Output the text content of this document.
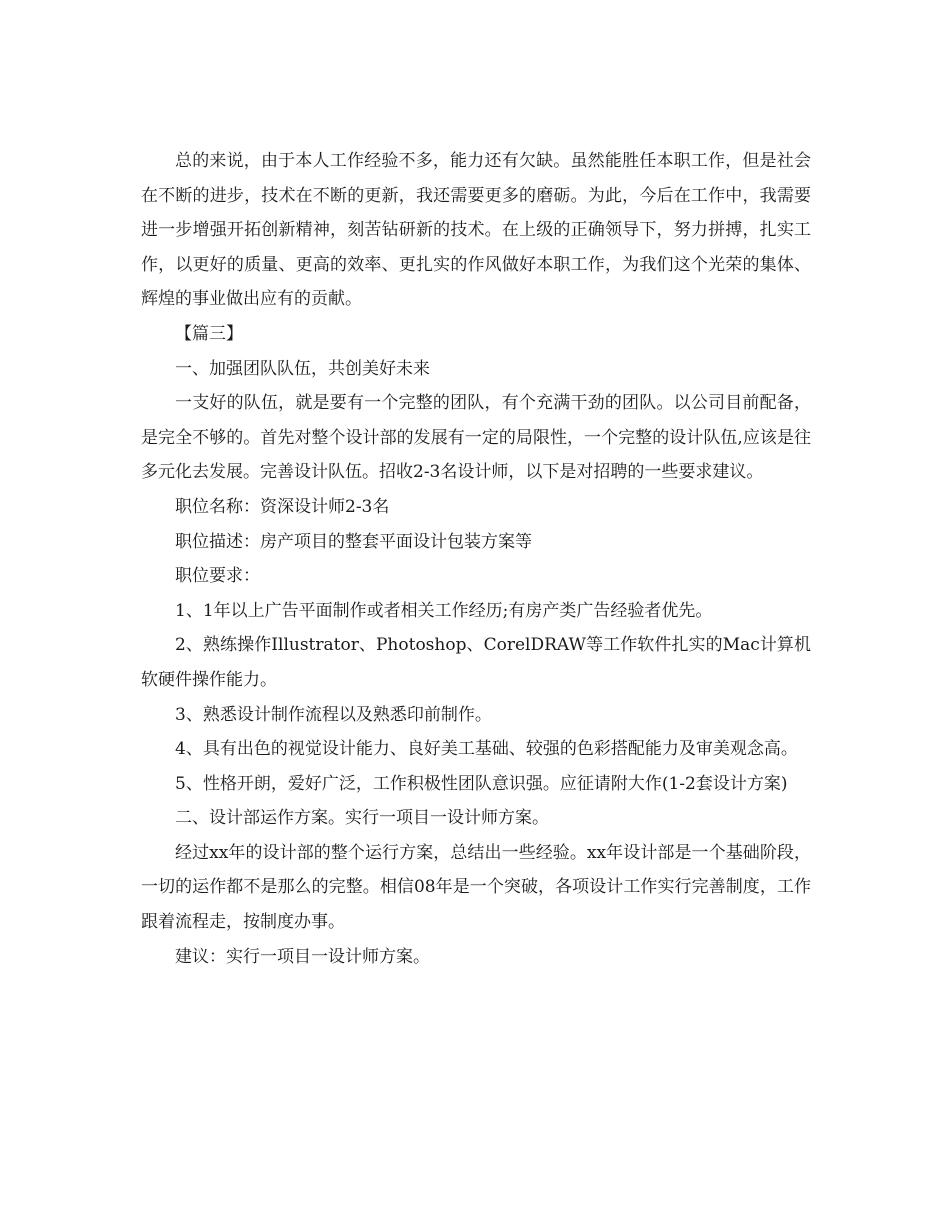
总的来说，由于本人工作经验不多，能力还有欠缺。虽然能胜任本职工作，但是社会在不断的进步，技术在不断的更新，我还需要更多的磨砺。为此，今后在工作中，我需要进一步增强开拓创新精神，刻苦钻研新的技术。在上级的正确领导下，努力拼搏，扎实工作，以更好的质量、更高的效率、更扎实的作风做好本职工作，为我们这个光荣的集体、辉煌的事业做出应有的贡献。

【篇三】

一、加强团队队伍，共创美好未来

一支好的队伍，就是要有一个完整的团队，有个充满干劲的团队。以公司目前配备，是完全不够的。首先对整个设计部的发展有一定的局限性，一个完整的设计队伍,应该是往多元化去发展。完善设计队伍。招收2-3名设计师，以下是对招聘的一些要求建议。

职位名称：资深设计师2-3名

职位描述：房产项目的整套平面设计包装方案等

职位要求：

1、1年以上广告平面制作或者相关工作经历;有房产类广告经验者优先。

2、熟练操作Illustrator、Photoshop、CorelDRAW等工作软件扎实的Mac计算机软硬件操作能力。

3、熟悉设计制作流程以及熟悉印前制作。

4、具有出色的视觉设计能力、良好美工基础、较强的色彩搭配能力及审美观念高。

5、性格开朗，爱好广泛，工作积极性团队意识强。应征请附大作(1-2套设计方案)

二、设计部运作方案。实行一项目一设计师方案。

经过xx年的设计部的整个运行方案，总结出一些经验。xx年设计部是一个基础阶段，一切的运作都不是那么的完整。相信08年是一个突破，各项设计工作实行完善制度，工作跟着流程走，按制度办事。

建议：实行一项目一设计师方案。
